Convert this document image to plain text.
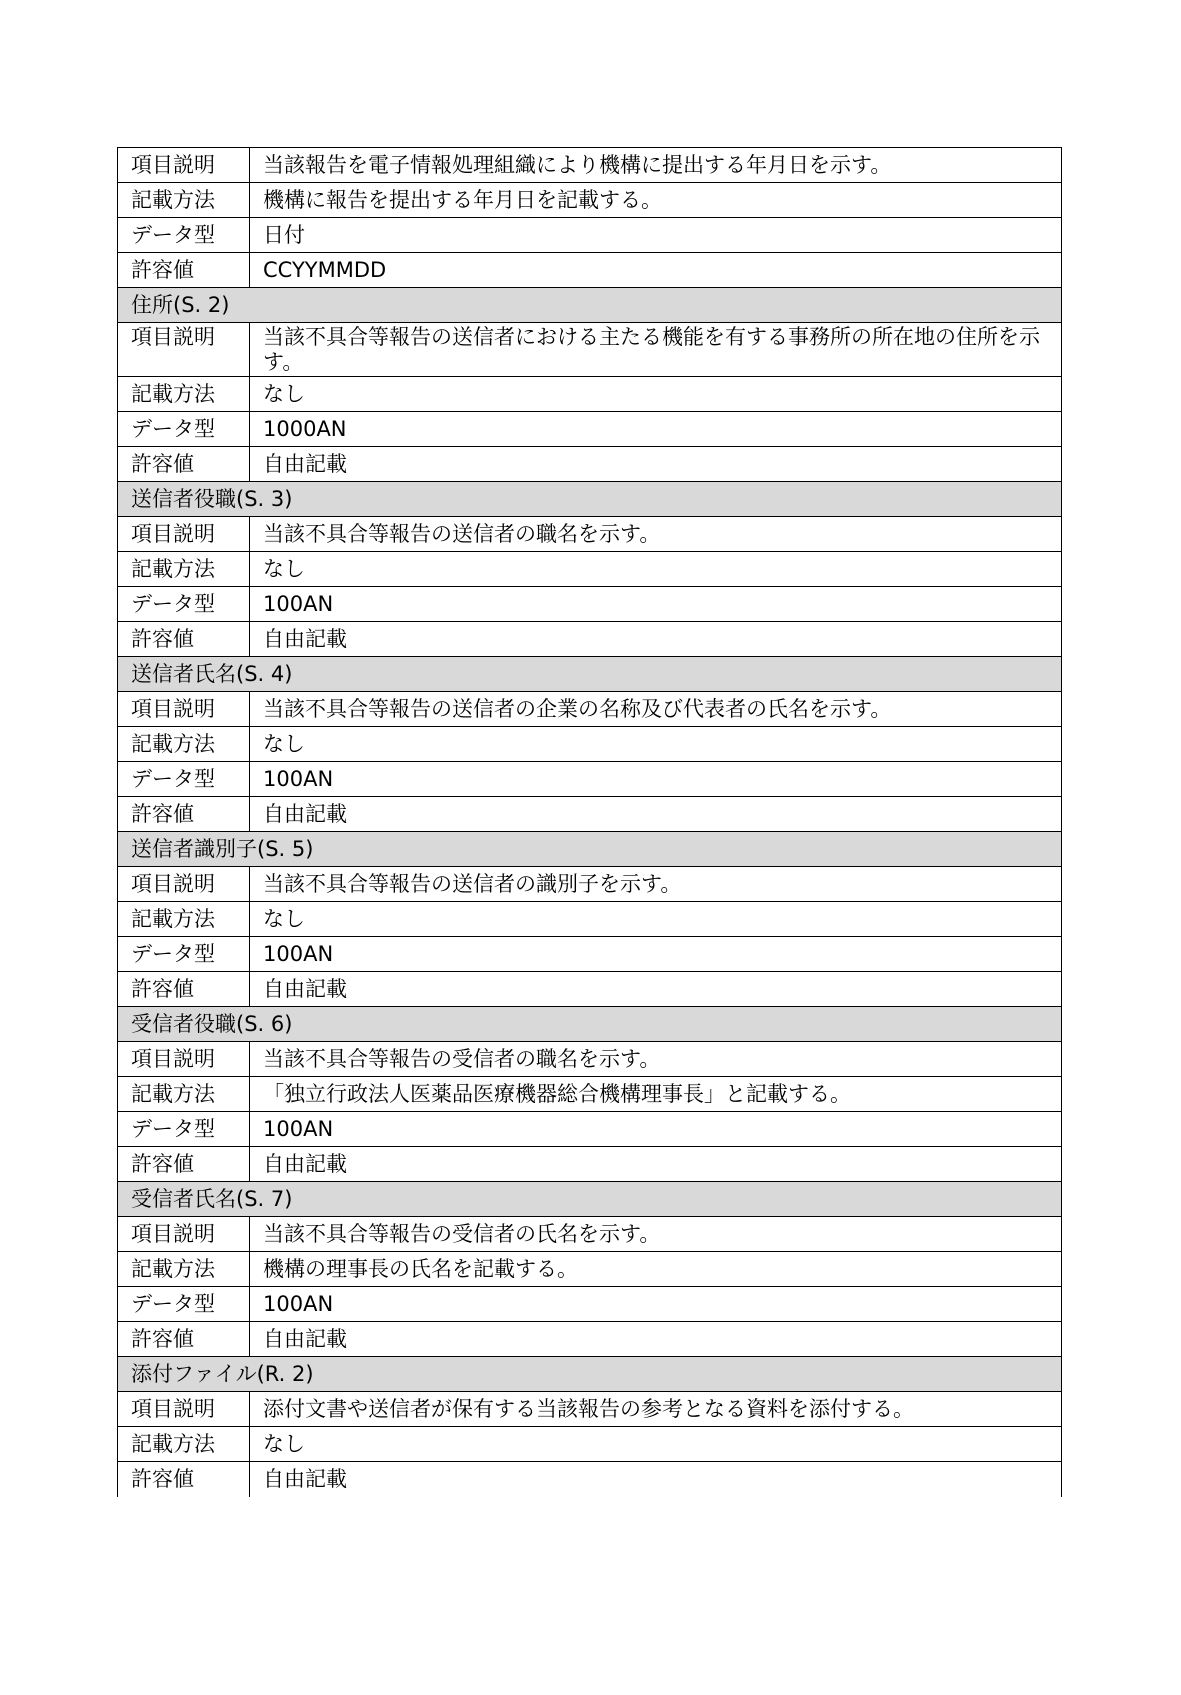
項目説明	当該報告を電子情報処理組織により機構に提出する年月日を示す。
記載方法	機構に報告を提出する年月日を記載する。
データ型	日付
許容値	CCYYMMDD
住所(S. 2)	
項目説明	当該不具合等報告の送信者における主たる機能を有する事務所の所在地の住所を示す。
記載方法	なし
データ型	1000AN
許容値	自由記載
送信者役職(S. 3)	
項目説明	当該不具合等報告の送信者の職名を示す。
記載方法	なし
データ型	100AN
許容値	自由記載
送信者氏名(S. 4)	
項目説明	当該不具合等報告の送信者の企業の名称及び代表者の氏名を示す。
記載方法	なし
データ型	100AN
許容値	自由記載
送信者識別子(S. 5)	
項目説明	当該不具合等報告の送信者の識別子を示す。
記載方法	なし
データ型	100AN
許容値	自由記載
受信者役職(S. 6)	
項目説明	当該不具合等報告の受信者の職名を示す。
記載方法	「独立行政法人医薬品医療機器総合機構理事長」と記載する。
データ型	100AN
許容値	自由記載
受信者氏名(S. 7)	
項目説明	当該不具合等報告の受信者の氏名を示す。
記載方法	機構の理事長の氏名を記載する。
データ型	100AN
許容値	自由記載
添付ファイル(R. 2)	
項目説明	添付文書や送信者が保有する当該報告の参考となる資料を添付する。
記載方法	なし
許容値	自由記載
